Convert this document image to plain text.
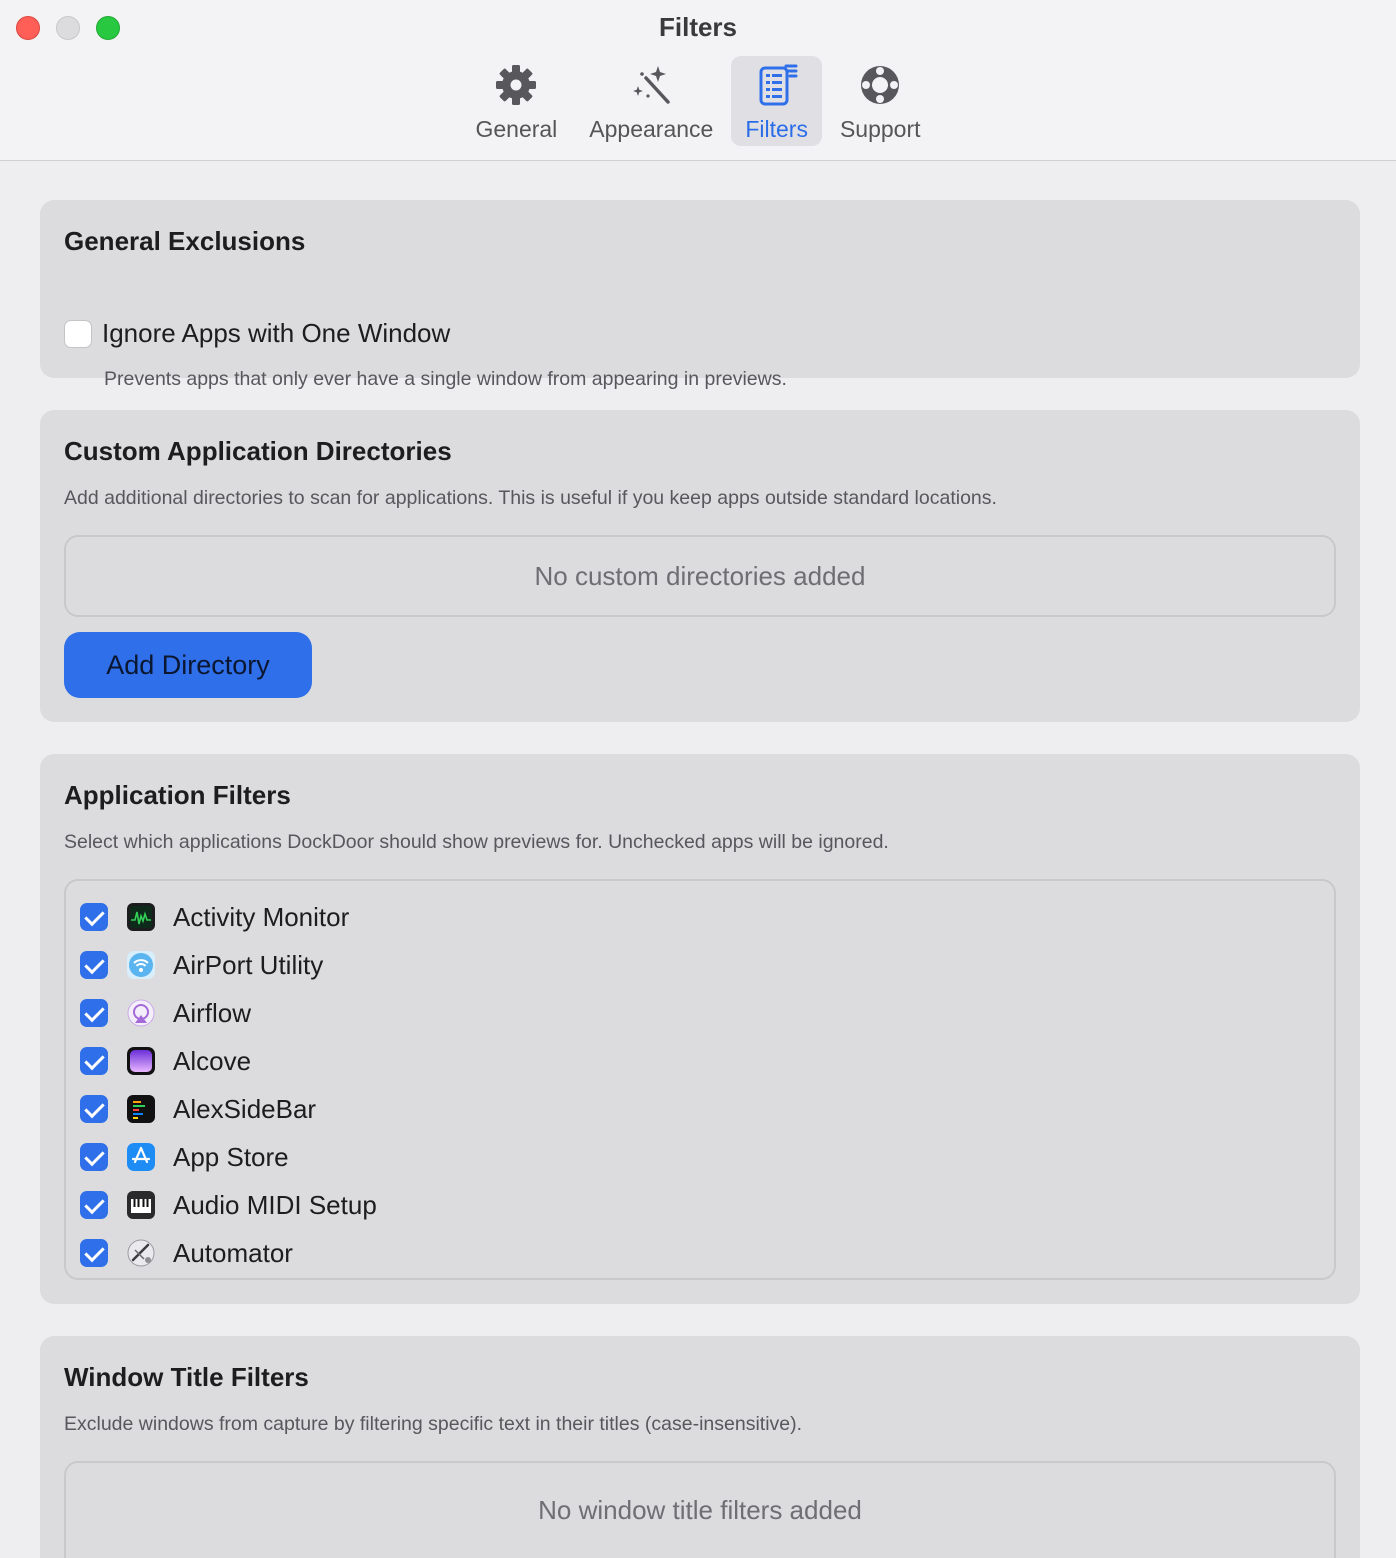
Filters
General Appearance Filters Support
General Exclusions
Ignore Apps with One Window
Prevents apps that only ever have a single window from appearing in previews.
Custom Application Directories
Add additional directories to scan for applications. This is useful if you keep apps outside standard locations.
No custom directories added
Add Directory
Application Filters
Select which applications DockDoor should show previews for. Unchecked apps will be ignored.
Activity Monitor
AirPort Utility
Airflow
Alcove
AlexSideBar
App Store
Audio MIDI Setup
Automator
Window Title Filters
Exclude windows from capture by filtering specific text in their titles (case-insensitive).
No window title filters added
